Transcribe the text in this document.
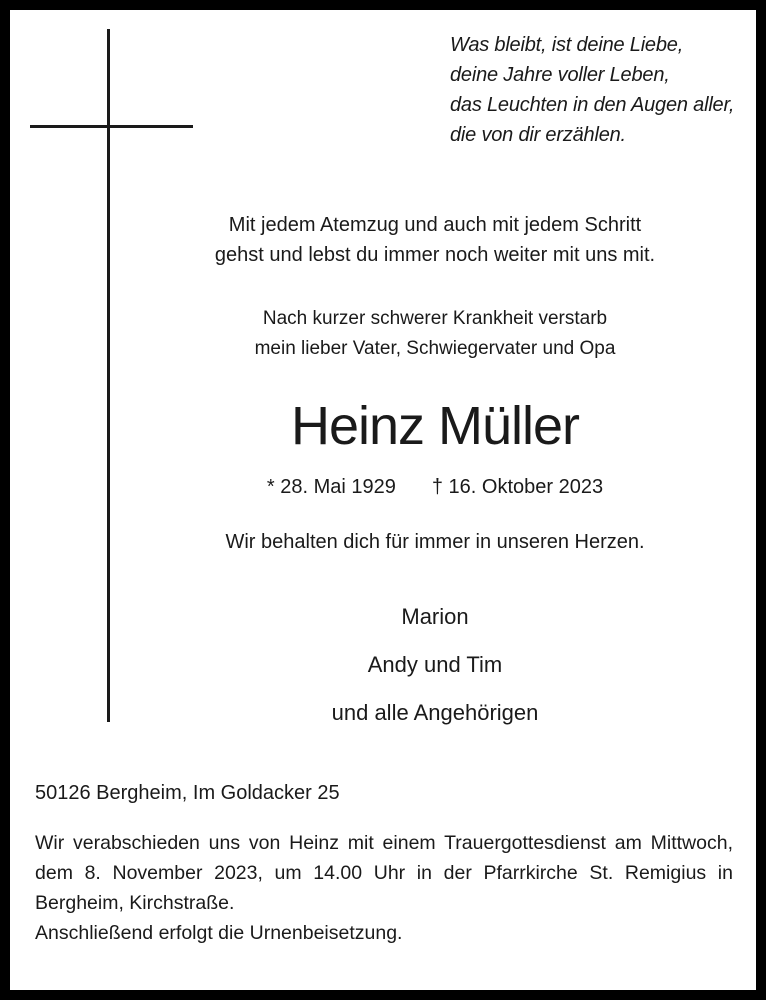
Was bleibt, ist deine Liebe,
deine Jahre voller Leben,
das Leuchten in den Augen aller,
die von dir erzählen.
Mit jedem Atemzug und auch mit jedem Schritt
gehst und lebst du immer noch weiter mit uns mit.
Nach kurzer schwerer Krankheit verstarb
mein lieber Vater, Schwiegervater und Opa
Heinz Müller
* 28. Mai 1929 † 16. Oktober 2023
Wir behalten dich für immer in unseren Herzen.
Marion
Andy und Tim
und alle Angehörigen
50126 Bergheim, Im Goldacker 25
Wir verabschieden uns von Heinz mit einem Trauergottesdienst am Mittwoch, dem 8. November 2023, um 14.00 Uhr in der Pfarrkirche St. Remigius in Bergheim, Kirchstraße.
Anschließend erfolgt die Urnenbeisetzung.
